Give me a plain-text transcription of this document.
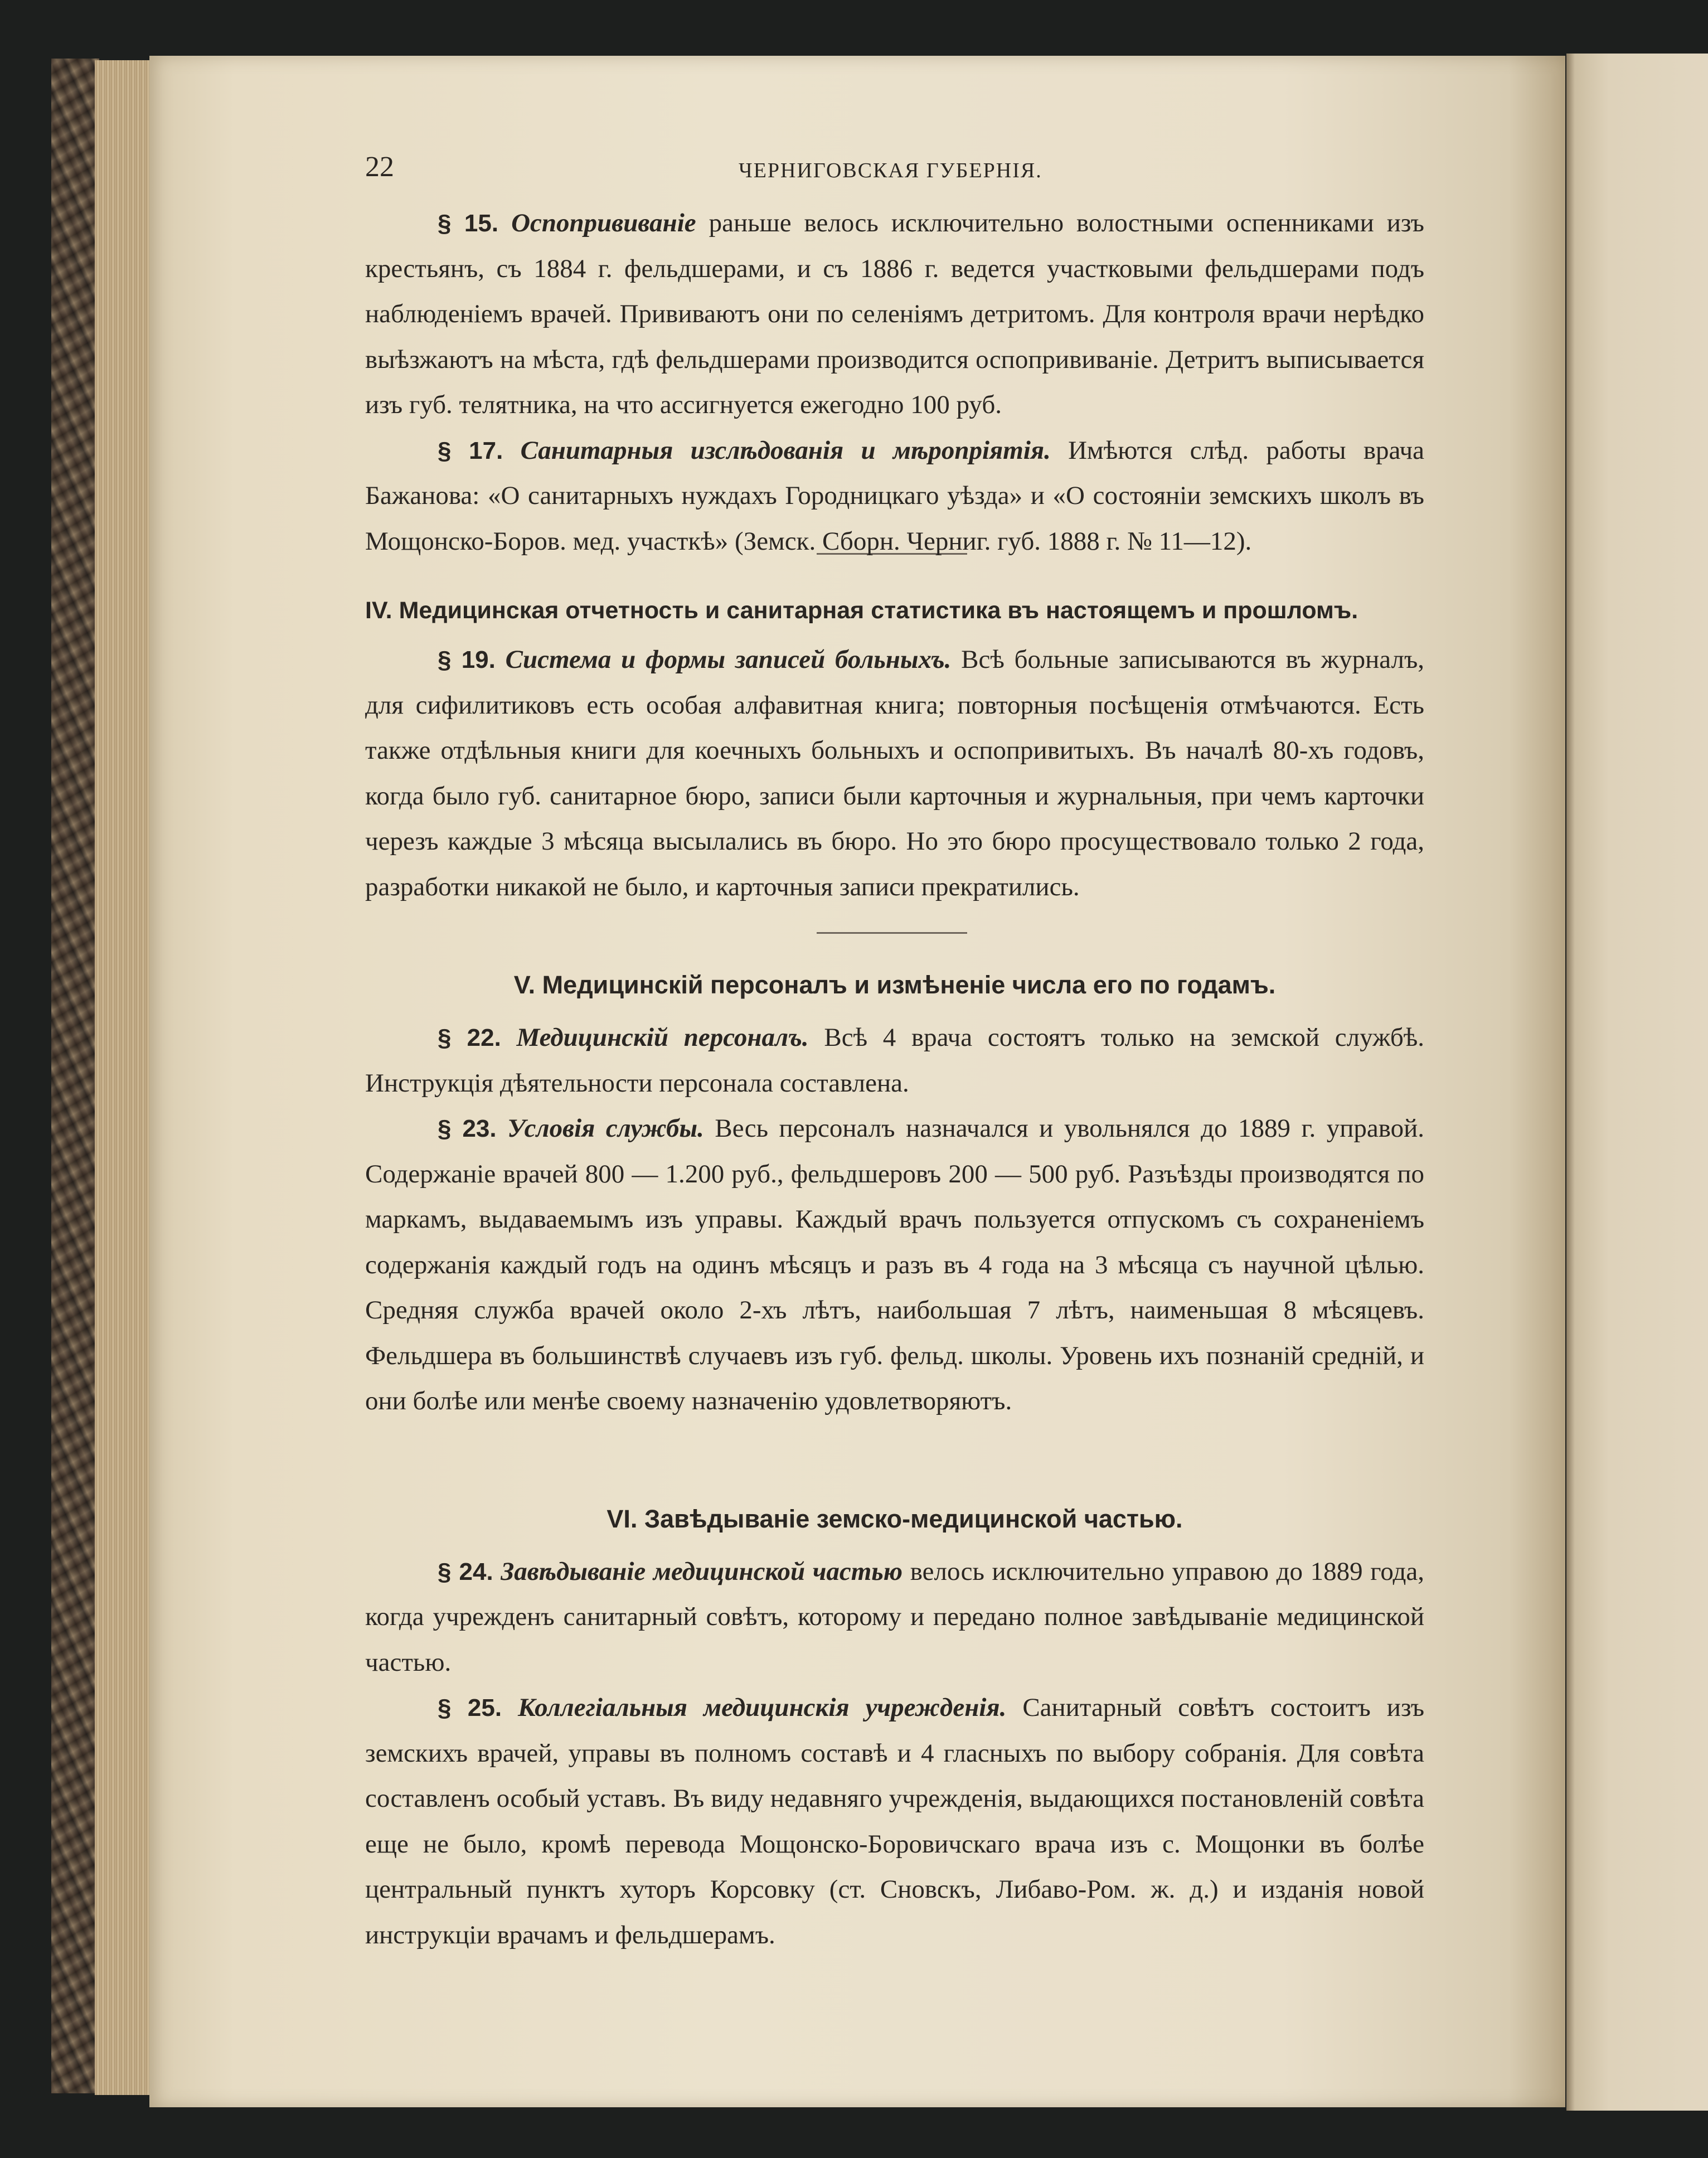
22	ЧЕРНИГОВСКАЯ ГУБЕРНІЯ.

§ 15. Оспопрививаніе раньше велось исключительно волостными оспенниками изъ крестьянъ, съ 1884 г. фельдшерами, и съ 1886 г. ведется участковыми фельдшерами подъ наблюденіемъ врачей. Прививаютъ они по селеніямъ детритомъ. Для контроля врачи нерѣдко выѣзжаютъ на мѣста, гдѣ фельдшерами производится оспопрививаніе. Детритъ выписывается изъ губ. телятника, на что ассигнуется ежегодно 100 руб.

§ 17. Санитарныя изслѣдованія и мѣропріятія. Имѣются слѣд. работы врача Бажанова: «О санитарныхъ нуждахъ Городницкаго уѣзда» и «О состояніи земскихъ школъ въ Мощонско-Боров. мед. участкѣ» (Земск. Сборн. Черниг. губ. 1888 г. № 11—12).

IV. Медицинская отчетность и санитарная статистика въ настоящемъ и прошломъ.

§ 19. Система и формы записей больныхъ. Всѣ больные записываются въ журналъ, для сифилитиковъ есть особая алфавитная книга; повторныя посѣщенія отмѣчаются. Есть также отдѣльныя книги для коечныхъ больныхъ и оспопривитыхъ. Въ началѣ 80-хъ годовъ, когда было губ. санитарное бюро, записи были карточныя и журнальныя, при чемъ карточки черезъ каждые 3 мѣсяца высылались въ бюро. Но это бюро просуществовало только 2 года, разработки никакой не было, и карточныя записи прекратились.

V. Медицинскій персоналъ и измѣненіе числа его по годамъ.

§ 22. Медицинскій персоналъ. Всѣ 4 врача состоятъ только на земской службѣ. Инструкція дѣятельности персонала составлена.

§ 23. Условія службы. Весь персоналъ назначался и увольнялся до 1889 г. управой. Содержаніе врачей 800 — 1.200 руб., фельдшеровъ 200 — 500 руб. Разъѣзды производятся по маркамъ, выдаваемымъ изъ управы. Каждый врачъ пользуется отпускомъ съ сохраненіемъ содержанія каждый годъ на одинъ мѣсяцъ и разъ въ 4 года на 3 мѣсяца съ научной цѣлью. Средняя служба врачей около 2-хъ лѣтъ, наибольшая 7 лѣтъ, наименьшая 8 мѣсяцевъ. Фельдшера въ большинствѣ случаевъ изъ губ. фельд. школы. Уровень ихъ познаній средній, и они болѣе или менѣе своему назначенію удовлетворяютъ.

VI. Завѣдываніе земско-медицинской частью.

§ 24. Завѣдываніе медицинской частью велось исключительно управою до 1889 года, когда учрежденъ санитарный совѣтъ, которому и передано полное завѣдываніе медицинской частью.

§ 25. Коллегіальныя медицинскія учрежденія. Санитарный совѣтъ состоитъ изъ земскихъ врачей, управы въ полномъ составѣ и 4 гласныхъ по выбору собранія. Для совѣта составленъ особый уставъ. Въ виду недавняго учрежденія, выдающихся постановленій совѣта еще не было, кромѣ перевода Мощонско-Боровичскаго врача изъ с. Мощонки въ болѣе центральный пунктъ хуторъ Корсовку (ст. Сновскъ, Либаво-Ром. ж. д.) и изданія новой инструкціи врачамъ и фельдшерамъ.
